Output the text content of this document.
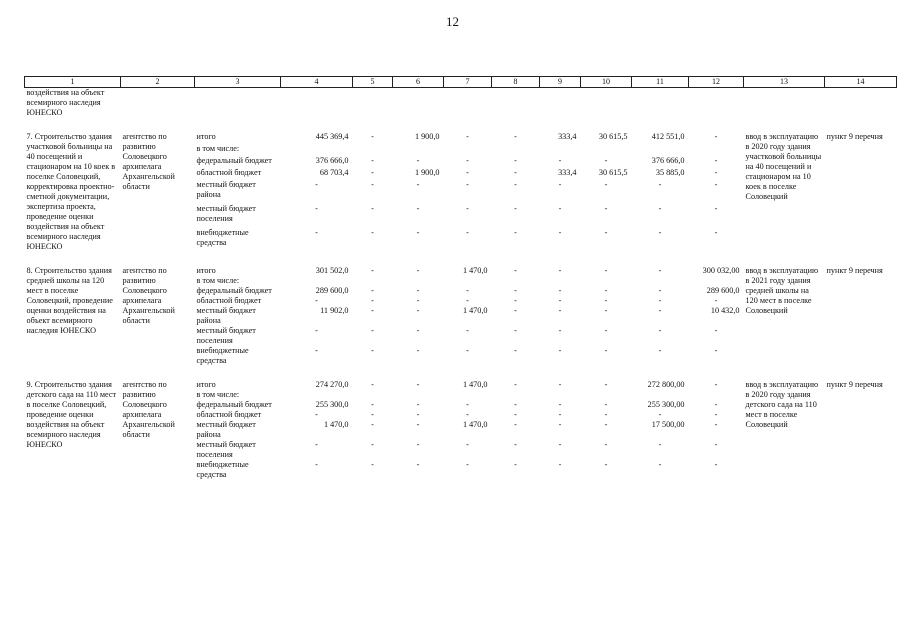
12
1	2	3	4	5	6	7	8	9	10	11	12	13	14
воздействия на объект всемирного наследия ЮНЕСКО													

7. Строительство здания участковой больницы на 40 посещений и стационаром на 10 коек в поселке Соловецкий, корректировка проектно-сметной документации, экспертиза проекта, проведение оценки воздействия на объект всемирного наследия ЮНЕСКО	агентство по развитию Соловецкого архипелага Архангельской области	итого	445 369,4	-	1 900,0	-	-	333,4	30 615,5	412 551,0	-	ввод в эксплуатацию в 2020 году здания участковой больницы на 40 посещений и стационаром на 10 коек в поселке Соловецкий	пункт 9 перечня
		в том числе:											
		федеральный бюджет	376 666,0	-	-	-	-	-	-	376 666,0	-		
		областной бюджет	68 703,4	-	1 900,0	-	-	333,4	30 615,5	35 885,0	-		
		местный бюджет района	-	-	-	-	-	-	-	-	-		
		местный бюджет поселения	-	-	-	-	-	-	-	-	-		
		внебюджетные средства	-	-	-	-	-	-	-	-	-		

8. Строительство здания средней школы на 120 мест в поселке Соловецкий, проведение оценки воздействия на объект всемирного наследия ЮНЕСКО	агентство по развитию Соловецкого архипелага Архангельской области	итого	301 502,0	-	-	1 470,0	-	-	-	-	300 032,00	ввод в эксплуатацию в 2021 году здания средней школы на 120 мест в поселке Соловецкий	пункт 9 перечня
		в том числе:											
		федеральный бюджет	289 600,0	-	-	-	-	-	-	-	289 600,0		
		областной бюджет	-	-	-	-	-	-	-	-	-		
		местный бюджет района	11 902,0	-	-	1 470,0	-	-	-	-	10 432,0		
		местный бюджет поселения	-	-	-	-	-	-	-	-	-		
		внебюджетные средства	-	-	-	-	-	-	-	-	-		

9. Строительство здания детского сада на 110 мест в поселке Соловецкий, проведение оценки воздействия на объект всемирного наследия ЮНЕСКО	агентство по развитию Соловецкого архипелага Архангельской области	итого	274 270,0	-	-	1 470,0	-	-	-	272 800,00	-	ввод в эксплуатацию в 2020 году здания детского сада на 110 мест в поселке Соловецкий	пункт 9 перечня
		в том числе:											
		федеральный бюджет	255 300,0	-	-	-	-	-	-	255 300,00	-		
		областной бюджет	-	-	-	-	-	-	-	-	-		
		местный бюджет района	1 470,0	-	-	1 470,0	-	-	-	17 500,00	-		
		местный бюджет поселения	-	-	-	-	-	-	-	-	-		
		внебюджетные средства	-	-	-	-	-	-	-	-	-		
